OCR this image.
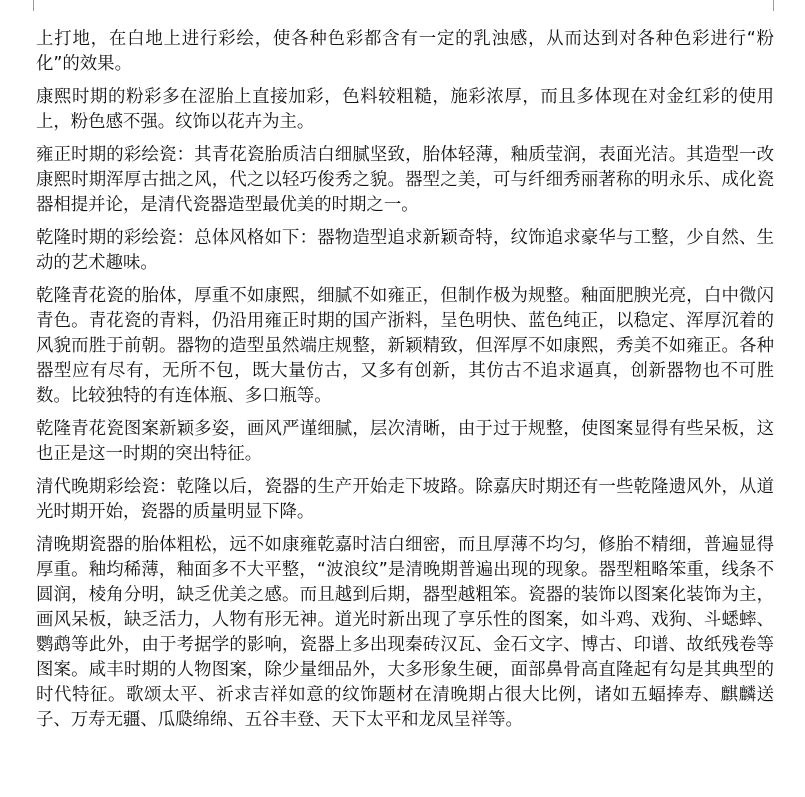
上打地，在白地上进行彩绘，使各种色彩都含有一定的乳浊感，从而达到对各种色彩进行“粉化”的效果。

康熙时期的粉彩多在涩胎上直接加彩，色料较粗糙，施彩浓厚，而且多体现在对金红彩的使用上，粉色感不强。纹饰以花卉为主。

雍正时期的彩绘瓷：其青花瓷胎质洁白细腻坚致，胎体轻薄，釉质莹润，表面光洁。其造型一改康熙时期浑厚古拙之风，代之以轻巧俊秀之貌。器型之美，可与纤细秀丽著称的明永乐、成化瓷器相提并论，是清代瓷器造型最优美的时期之一。

乾隆时期的彩绘瓷：总体风格如下：器物造型追求新颖奇特，纹饰追求豪华与工整，少自然、生动的艺术趣味。

乾隆青花瓷的胎体，厚重不如康熙，细腻不如雍正，但制作极为规整。釉面肥腴光亮，白中微闪青色。青花瓷的青料，仍沿用雍正时期的国产浙料，呈色明快、蓝色纯正，以稳定、浑厚沉着的风貌而胜于前朝。器物的造型虽然端庄规整，新颖精致，但浑厚不如康熙，秀美不如雍正。各种器型应有尽有，无所不包，既大量仿古，又多有创新，其仿古不追求逼真，创新器物也不可胜数。比较独特的有连体瓶、多口瓶等。

乾隆青花瓷图案新颖多姿，画风严谨细腻，层次清晰，由于过于规整，使图案显得有些呆板，这也正是这一时期的突出特征。

清代晚期彩绘瓷：乾隆以后，瓷器的生产开始走下坡路。除嘉庆时期还有一些乾隆遗风外，从道光时期开始，瓷器的质量明显下降。

清晚期瓷器的胎体粗松，远不如康雍乾嘉时洁白细密，而且厚薄不均匀，修胎不精细，普遍显得厚重。釉均稀薄，釉面多不大平整，“波浪纹”是清晚期普遍出现的现象。器型粗略笨重，线条不圆润，棱角分明，缺乏优美之感。而且越到后期，器型越粗笨。瓷器的装饰以图案化装饰为主，画风呆板，缺乏活力，人物有形无神。道光时新出现了享乐性的图案，如斗鸡、戏狗、斗蟋蟀、鹦鹉等此外，由于考据学的影响，瓷器上多出现秦砖汉瓦、金石文字、博古、印谱、故纸残卷等图案。咸丰时期的人物图案，除少量细品外，大多形象生硬，面部鼻骨高直隆起有勾是其典型的时代特征。歌颂太平、祈求吉祥如意的纹饰题材在清晚期占很大比例，诸如五蝠捧寿、麒麟送子、万寿无疆、瓜瓞绵绵、五谷丰登、天下太平和龙凤呈祥等。
